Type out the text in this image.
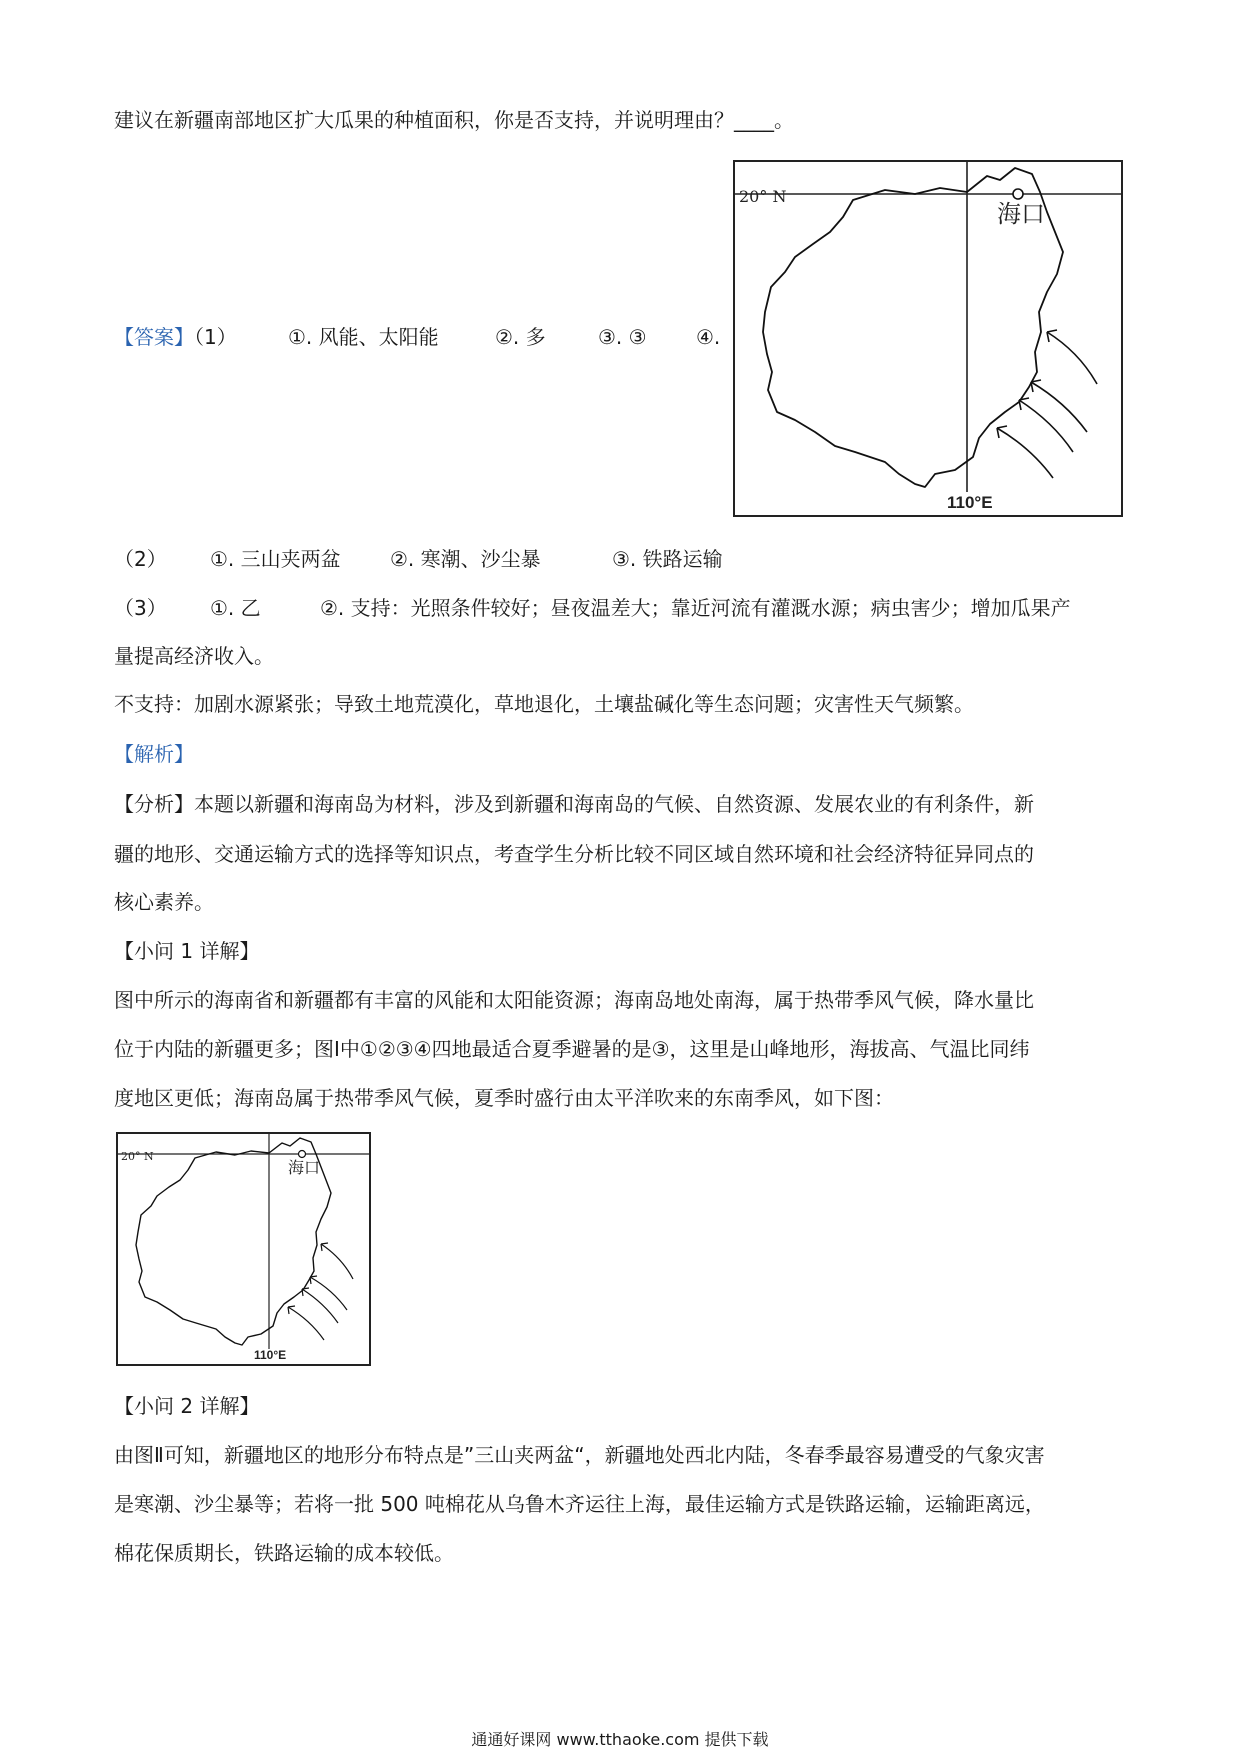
建议在新疆南部地区扩大瓜果的种植面积，你是否支持，并说明理由？____。
【答案】（1）	①. 风能、太阳能	②. 多	③. ③ ④.
20° N
海口
110°E
（2） ①. 三山夹两盆 ②. 寒潮、沙尘暴	③. 铁路运输
（3） ①. 乙	②. 支持：光照条件较好；昼夜温差大；靠近河流有灌溉水源；病虫害少；增加瓜果产
量提高经济收入。
不支持：加剧水源紧张；导致土地荒漠化，草地退化，土壤盐碱化等生态问题；灾害性天气频繁。
【解析】
【分析】本题以新疆和海南岛为材料，涉及到新疆和海南岛的气候、自然资源、发展农业的有利条件，新
疆的地形、交通运输方式的选择等知识点，考查学生分析比较不同区域自然环境和社会经济特征异同点的
核心素养。
【小问 1 详解】
图中所示的海南省和新疆都有丰富的风能和太阳能资源；海南岛地处南海，属于热带季风气候，降水量比
位于内陆的新疆更多；图Ⅰ中①②③④四地最适合夏季避暑的是③，这里是山峰地形，海拔高、气温比同纬
度地区更低；海南岛属于热带季风气候，夏季时盛行由太平洋吹来的东南季风，如下图：
20° N
海口
110°E
【小问 2 详解】
由图Ⅱ可知，新疆地区的地形分布特点是”三山夹两盆“，新疆地处西北内陆，冬春季最容易遭受的气象灾害
是寒潮、沙尘暴等；若将一批 500 吨棉花从乌鲁木齐运往上海，最佳运输方式是铁路运输，运输距离远，
棉花保质期长，铁路运输的成本较低。
通通好课网 www.tthaoke.com 提供下载
